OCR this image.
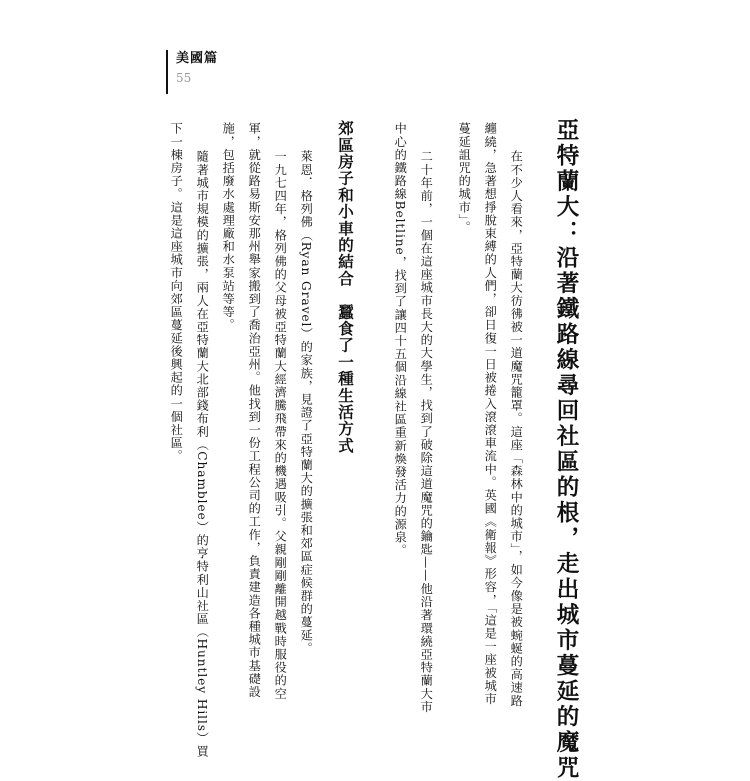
美國篇
55
亞特蘭大：沿著鐵路線尋回社區的根，走出城市蔓延的魔咒
在不少人看來，亞特蘭大彷彿被一道魔咒籠罩。這座「森林中的城市」，如今像是被蜿蜒的高速路
纏繞，急著想掙脫束縛的人們，卻日復一日被捲入滾滾車流中。英國《衛報》形容，「這是一座被城市
蔓延詛咒的城市」。
二十年前，一個在這座城市長大的大學生，找到了破除這道魔咒的鑰匙——他沿著環繞亞特蘭大市
中心的鐵路線Beltline，找到了讓四十五個沿線社區重新煥發活力的源泉。
郊區房子和小車的結合　蠶食了一種生活方式
萊恩．格列佛（Ryan Gravel）的家族，見證了亞特蘭大的擴張和郊區症候群的蔓延。
一九七四年，格列佛的父母被亞特蘭大經濟騰飛帶來的機遇吸引。父親剛剛離開越戰時服役的空
軍，就從路易斯安那州舉家搬到了喬治亞州。他找到一份工程公司的工作，負責建造各種城市基礎設
施，包括廢水處理廠和水泵站等等。
隨著城市規模的擴張，兩人在亞特蘭大北部錢布利（Chamblee）的亨特利山社區（Huntley Hills）買
下一棟房子。這是這座城市向郊區蔓延後興起的一個社區。
